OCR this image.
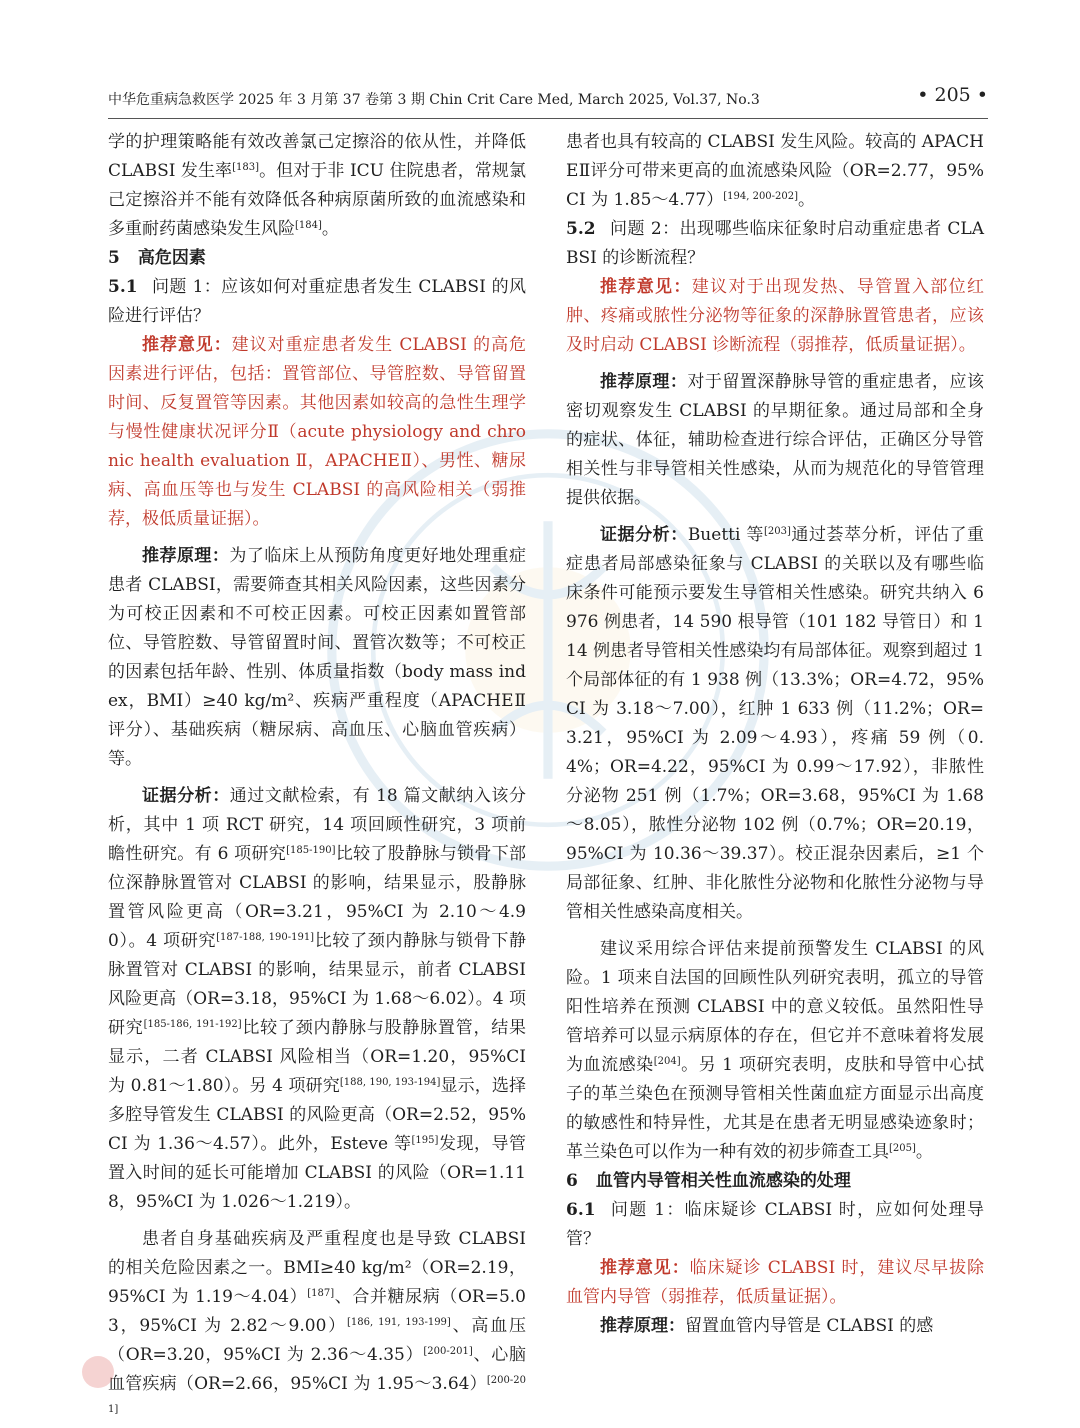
中华危重病急救医学 2025 年 3 月第 37 卷第 3 期 Chin Crit Care Med, March 2025, Vol.37, No.3	• 205 •

学的护理策略能有效改善氯己定擦浴的依从性，并降低 CLABSI 发生率[183]。但对于非 ICU 住院患者，常规氯己定擦浴并不能有效降低各种病原菌所致的血流感染和多重耐药菌感染发生风险[184]。

5 高危因素

5.1 问题 1：应该如何对重症患者发生 CLABSI 的风险进行评估？

推荐意见：建议对重症患者发生 CLABSI 的高危因素进行评估，包括：置管部位、导管腔数、导管留置时间、反复置管等因素。其他因素如较高的急性生理学与慢性健康状况评分Ⅱ（acute physiology and chronic health evaluation Ⅱ，APACHEⅡ）、男性、糖尿病、高血压等也与发生 CLABSI 的高风险相关（弱推荐，极低质量证据）。

推荐原理：为了临床上从预防角度更好地处理重症患者 CLABSI，需要筛查其相关风险因素，这些因素分为可校正因素和不可校正因素。可校正因素如置管部位、导管腔数、导管留置时间、置管次数等；不可校正的因素包括年龄、性别、体质量指数（body mass index，BMI）≥40 kg/m²、疾病严重程度（APACHEⅡ评分）、基础疾病（糖尿病、高血压、心脑血管疾病）等。

证据分析：通过文献检索，有 18 篇文献纳入该分析，其中 1 项 RCT 研究，14 项回顾性研究，3 项前瞻性研究。有 6 项研究[185-190]比较了股静脉与锁骨下部位深静脉置管对 CLABSI 的影响，结果显示，股静脉置管风险更高（OR=3.21，95%CI 为 2.10～4.90）。4 项研究[187-188, 190-191]比较了颈内静脉与锁骨下静脉置管对 CLABSI 的影响，结果显示，前者 CLABSI 风险更高（OR=3.18，95%CI 为 1.68～6.02）。4 项研究[185-186, 191-192]比较了颈内静脉与股静脉置管，结果显示，二者 CLABSI 风险相当（OR=1.20，95%CI 为 0.81～1.80）。另 4 项研究[188, 190, 193-194]显示，选择多腔导管发生 CLABSI 的风险更高（OR=2.52，95%CI 为 1.36～4.57）。此外，Esteve 等[195]发现，导管置入时间的延长可能增加 CLABSI 的风险（OR=1.118，95%CI 为 1.026～1.219）。

患者自身基础疾病及严重程度也是导致 CLABSI 的相关危险因素之一。BMI≥40 kg/m²（OR=2.19，95%CI 为 1.19～4.04）[187]、合并糖尿病（OR=5.03，95%CI 为 2.82～9.00）[186, 191, 193-199]、高血压（OR=3.20，95%CI 为 2.36～4.35）[200-201]、心脑血管疾病（OR=2.66，95%CI 为 1.95～3.64）[200-201]

患者也具有较高的 CLABSI 发生风险。较高的 APACHEⅡ评分可带来更高的血流感染风险（OR=2.77，95%CI 为 1.85～4.77）[194, 200-202]。

5.2 问题 2：出现哪些临床征象时启动重症患者 CLABSI 的诊断流程？

推荐意见：建议对于出现发热、导管置入部位红肿、疼痛或脓性分泌物等征象的深静脉置管患者，应该及时启动 CLABSI 诊断流程（弱推荐，低质量证据）。

推荐原理：对于留置深静脉导管的重症患者，应该密切观察发生 CLABSI 的早期征象。通过局部和全身的症状、体征，辅助检查进行综合评估，正确区分导管相关性与非导管相关性感染，从而为规范化的导管管理提供依据。

证据分析：Buetti 等[203]通过荟萃分析，评估了重症患者局部感染征象与 CLABSI 的关联以及有哪些临床条件可能预示要发生导管相关性感染。研究共纳入 6 976 例患者，14 590 根导管（101 182 导管日）和 114 例患者导管相关性感染均有局部体征。观察到超过 1 个局部体征的有 1 938 例（13.3%；OR=4.72，95%CI 为 3.18～7.00），红肿 1 633 例（11.2%；OR=3.21，95%CI 为 2.09～4.93），疼痛 59 例（0.4%；OR=4.22，95%CI 为 0.99～17.92），非脓性分泌物 251 例（1.7%；OR=3.68，95%CI 为 1.68～8.05），脓性分泌物 102 例（0.7%；OR=20.19，95%CI 为 10.36～39.37）。校正混杂因素后，≥1 个局部征象、红肿、非化脓性分泌物和化脓性分泌物与导管相关性感染高度相关。

建议采用综合评估来提前预警发生 CLABSI 的风险。1 项来自法国的回顾性队列研究表明，孤立的导管阳性培养在预测 CLABSI 中的意义较低。虽然阳性导管培养可以显示病原体的存在，但它并不意味着将发展为血流感染[204]。另 1 项研究表明，皮肤和导管中心拭子的革兰染色在预测导管相关性菌血症方面显示出高度的敏感性和特异性，尤其是在患者无明显感染迹象时；革兰染色可以作为一种有效的初步筛查工具[205]。

6 血管内导管相关性血流感染的处理

6.1 问题 1：临床疑诊 CLABSI 时，应如何处理导管？

推荐意见：临床疑诊 CLABSI 时，建议尽早拔除血管内导管（弱推荐，低质量证据）。

推荐原理：留置血管内导管是 CLABSI 的感
